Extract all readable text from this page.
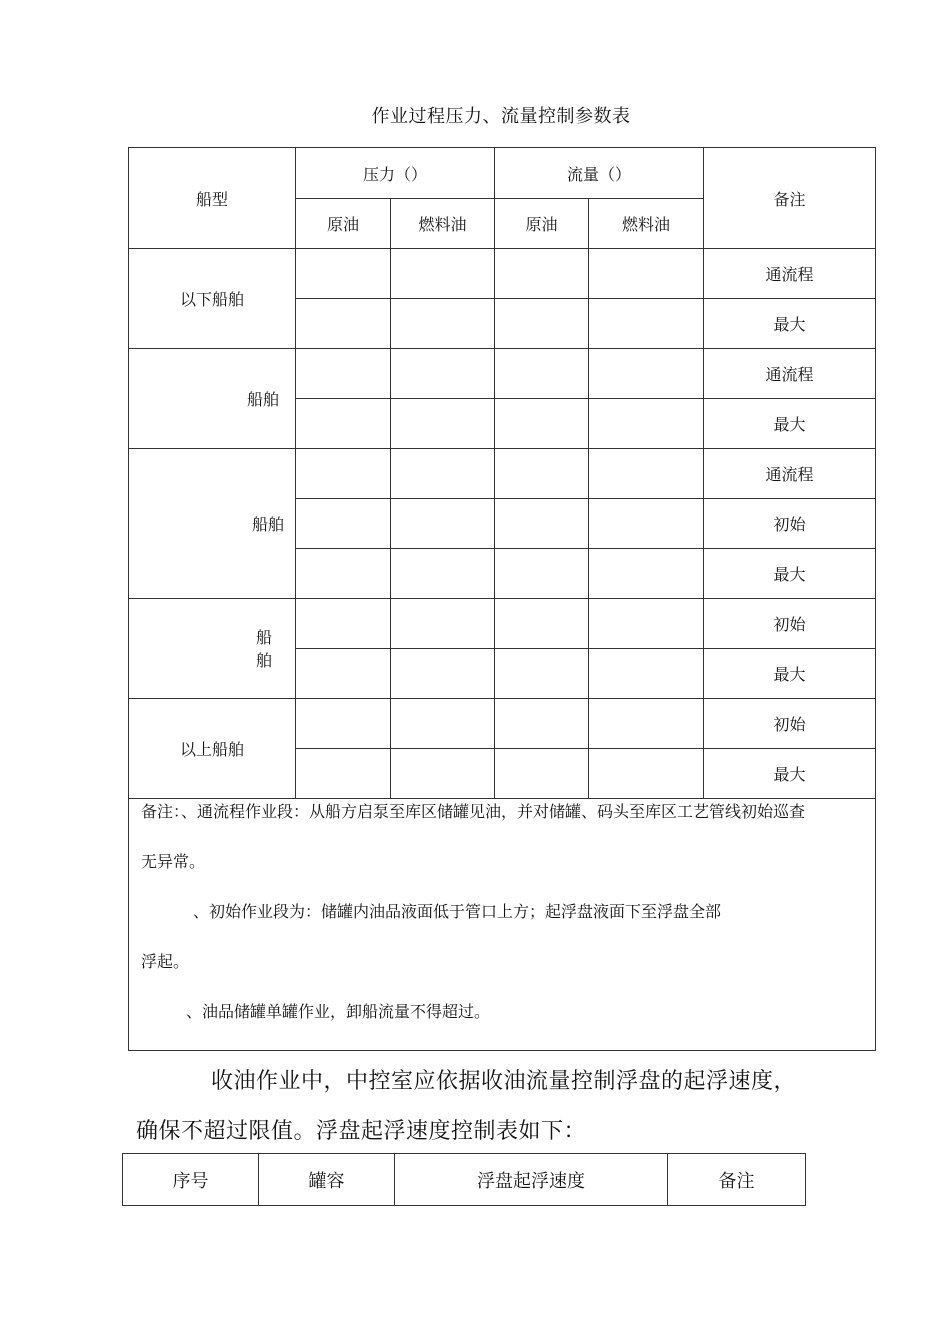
作业过程压力、流量控制参数表
船型	压力（）		流量（）		备注
	原油	燃料油	原油	燃料油	
以下船舶					通流程
					最大
船舶					通流程
					最大
船舶					通流程
					初始
					最大

船
舶					初始
					最大
以上船舶					初始
					最大

备注：、通流程作业段：从船方启泵至库区储罐见油，并对储罐、码头至库区工艺管线初始巡查
无异常。
、初始作业段为：储罐内油品液面低于管口上方；起浮盘液面下至浮盘全部
浮起。
、油品储罐单罐作业，卸船流量不得超过。					
收油作业中，中控室应依据收油流量控制浮盘的起浮速度，
确保不超过限值。浮盘起浮速度控制表如下：
序号	罐容	浮盘起浮速度	备注
